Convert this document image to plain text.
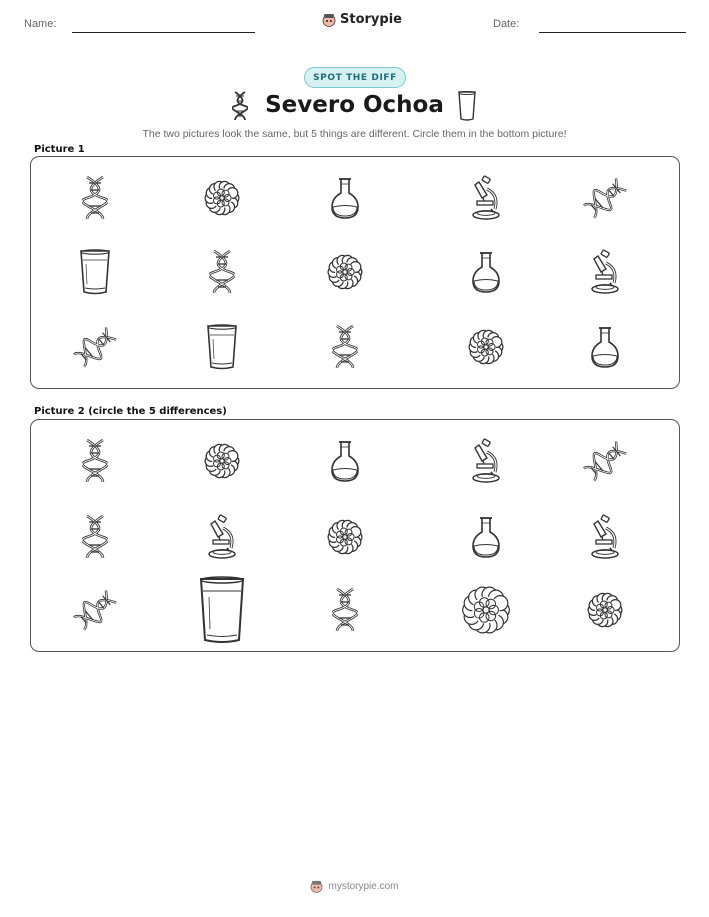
Name:	Storypie	Date:
SPOT THE DIFF
Severo Ochoa
The two pictures look the same, but 5 things are different. Circle them in the bottom picture!
Picture 1
Picture 2 (circle the 5 differences)
mystorypie.com
